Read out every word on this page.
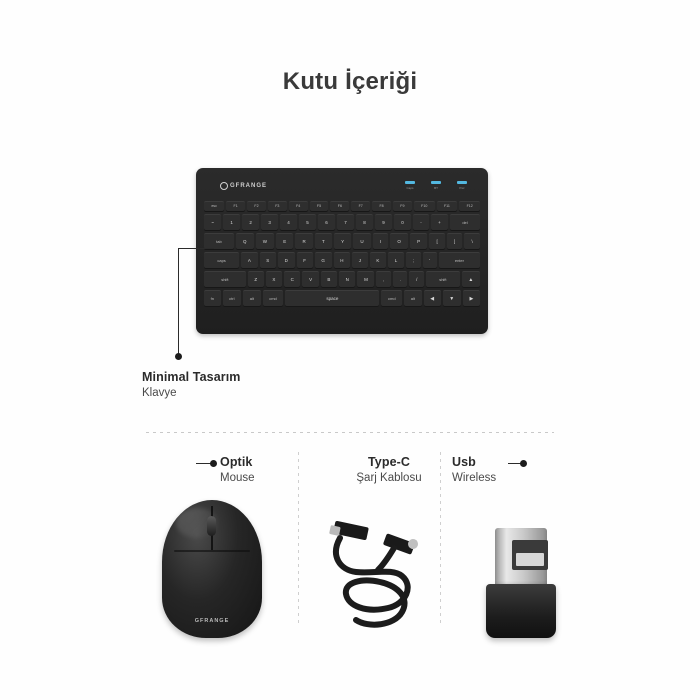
Kutu İçeriği
GFRANGE	Caps	BT	Pwr
esc	F1	F2	F3	F4	F5	F6	F7	F8	F9	F10	F11	F12
~	1	2	3	4	5	6	7	8	9	0	-	+	del
tab	Q	W	E	R	T	Y	U	I	O	P	[	]	\
caps	A	S	D	F	G	H	J	K	L	;	'	enter
shift	Z	X	C	V	B	N	M	,	.	/	shift	▲
fn	ctrl	alt	cmd	space	cmd	alt	◀	▼	▶
Minimal Tasarım
Klavye
Optik
Mouse
GFRANGE
Type-C
Şarj Kablosu
Usb
Wireless
